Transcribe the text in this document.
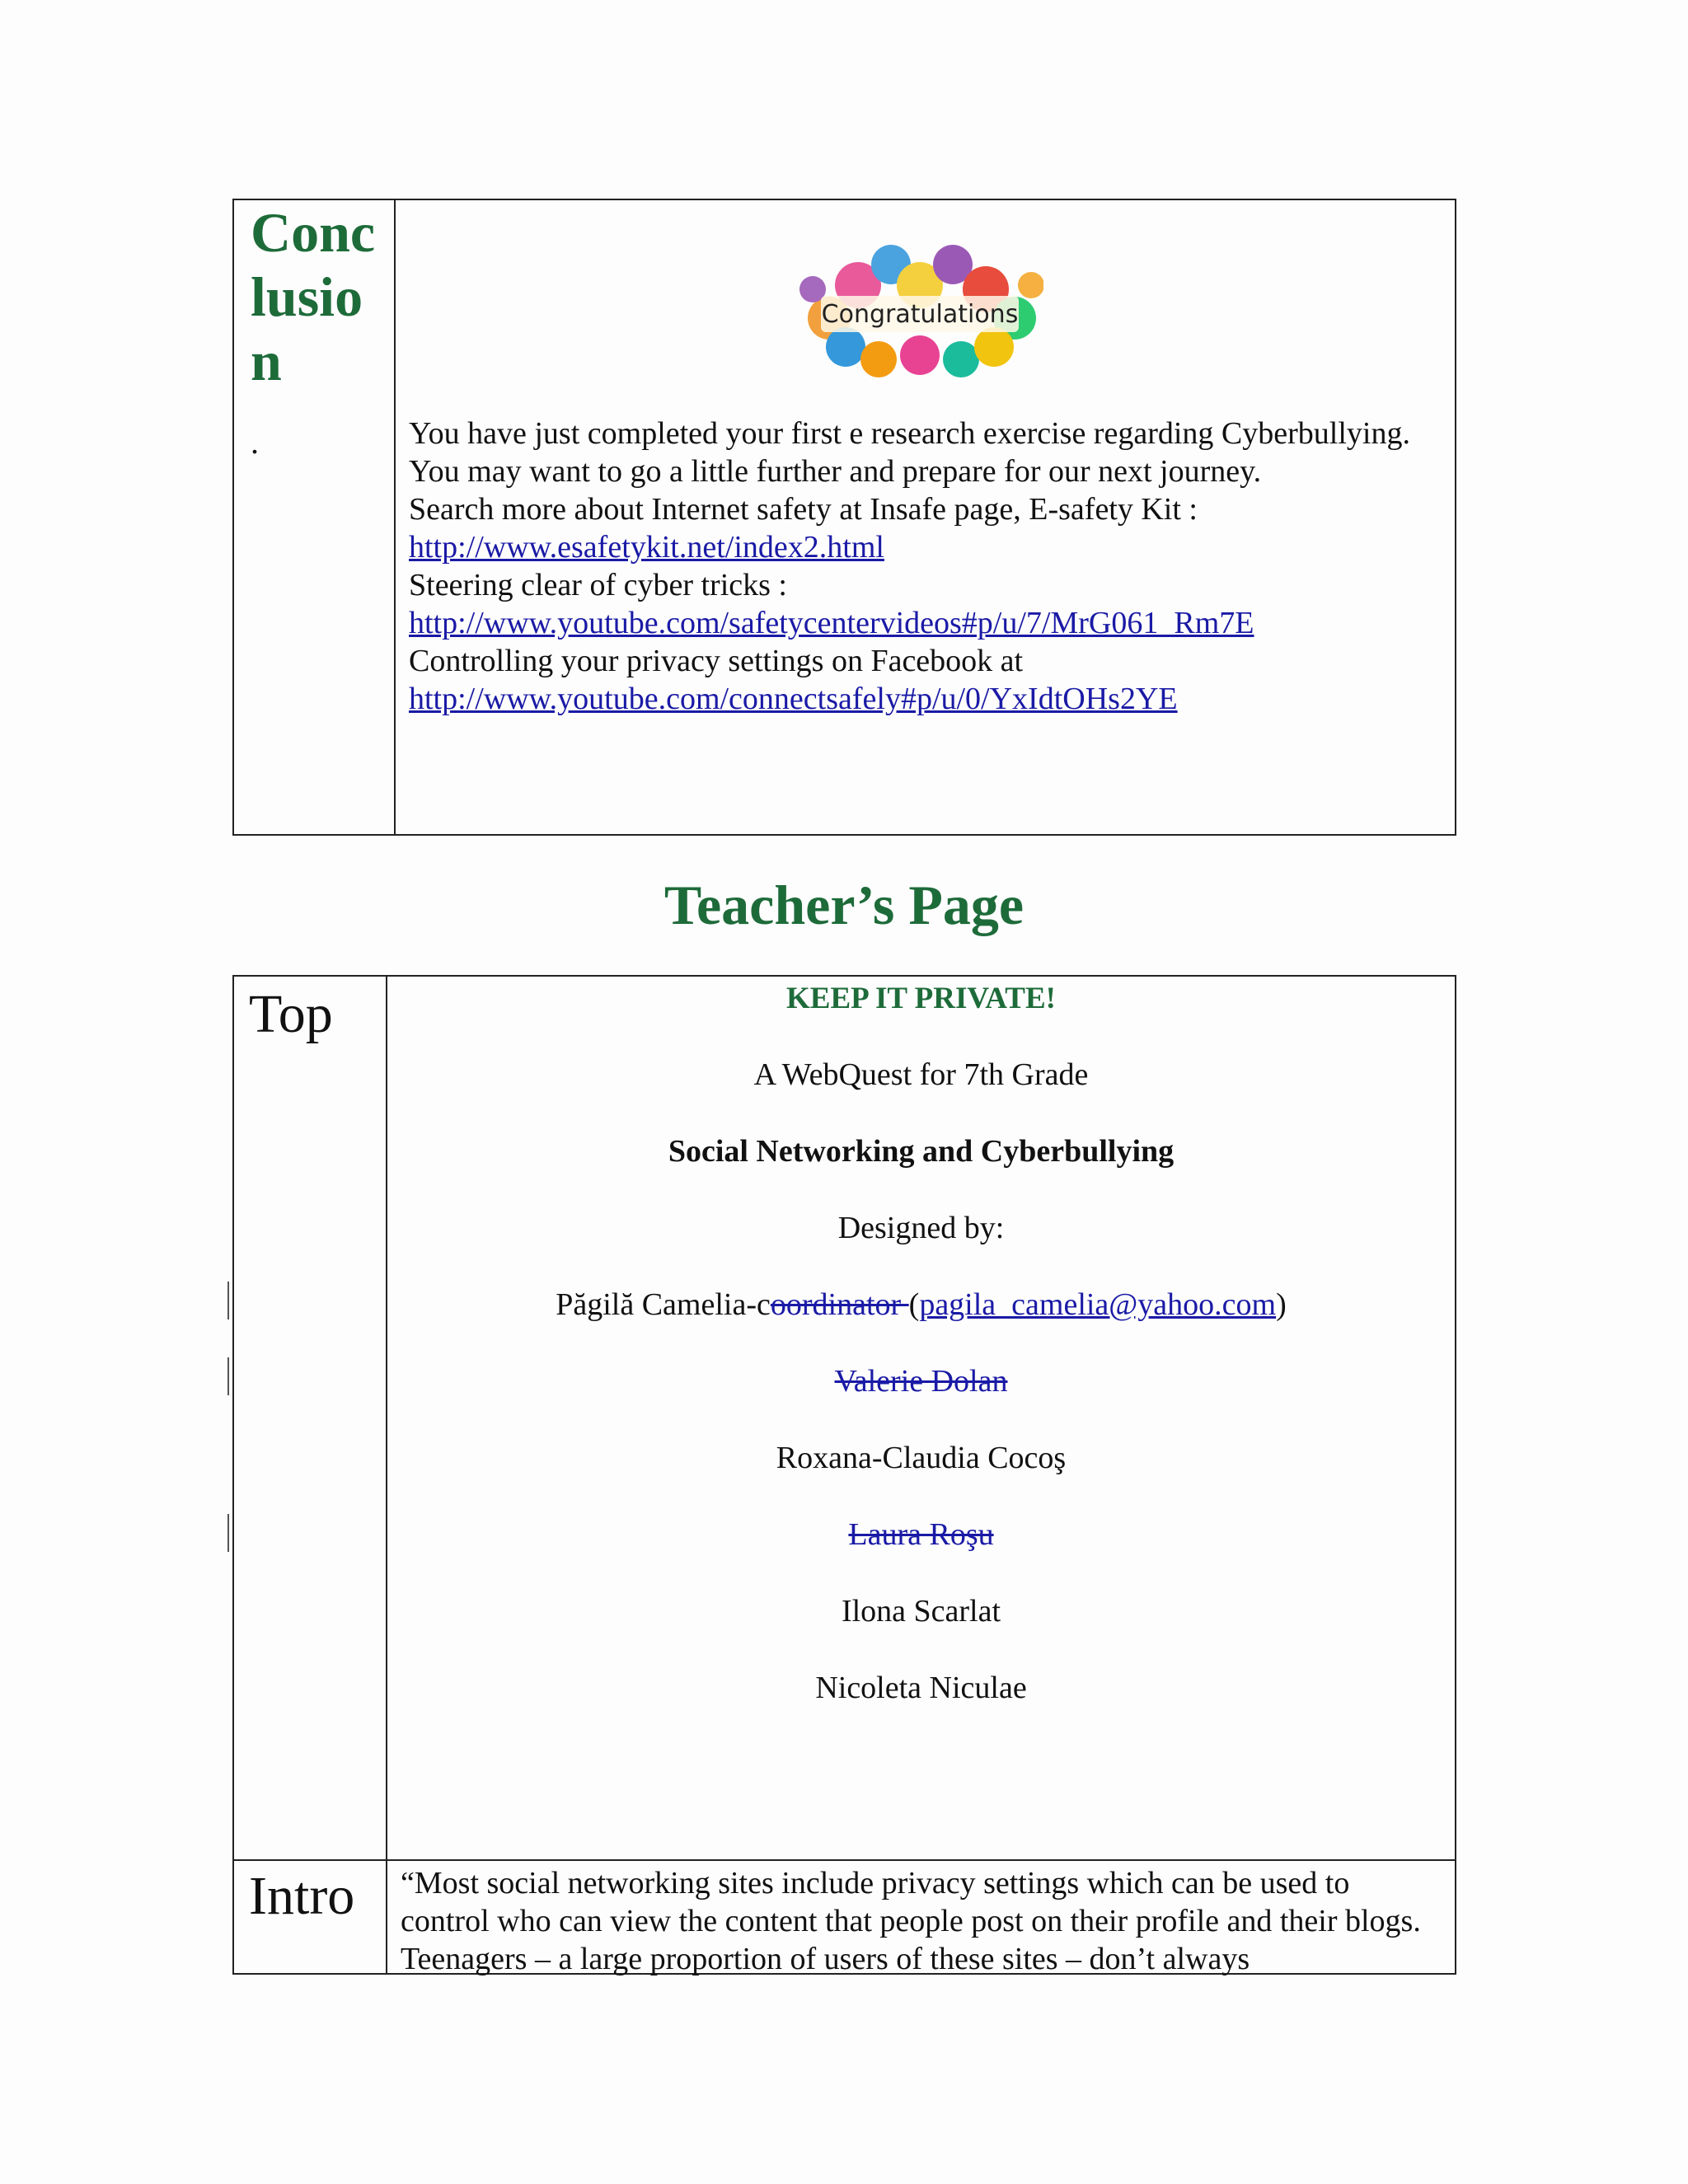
Conclusion
.
Congratulations
You have just completed your first e research exercise regarding Cyberbullying. You may want to go a little further and prepare for our next journey.
Search more about Internet safety at Insafe page, E-safety Kit :
http://www.esafetykit.net/index2.html
Steering clear of cyber tricks :
http://www.youtube.com/safetycentervideos#p/u/7/MrG061_Rm7E
Controlling your privacy settings on Facebook at
http://www.youtube.com/connectsafely#p/u/0/YxIdtOHs2YE
Teacher’s Page
Top	KEEP IT PRIVATE!
A WebQuest for 7th Grade
Social Networking and Cyberbullying
Designed by:
Păgilă Camelia-coordinator (pagila_camelia@yahoo.com)
Valerie Dolan
Roxana-Claudia Cocoş
Laura Roşu
Ilona Scarlat
Nicoleta Niculae
Intro “Most social networking sites include privacy settings which can be used to control who can view the content that people post on their profile and their blogs. Teenagers – a large proportion of users of these sites – don’t always
